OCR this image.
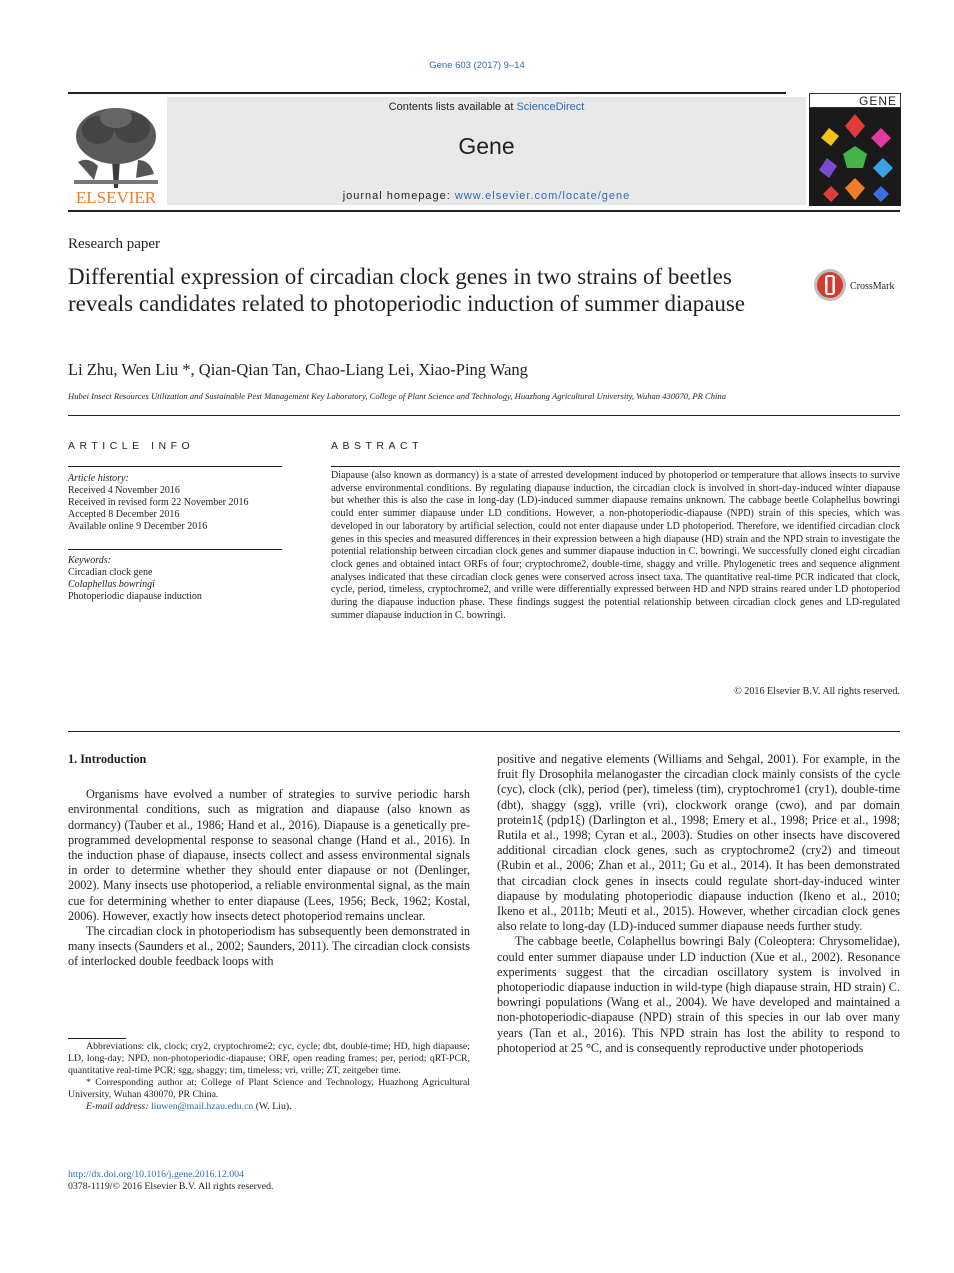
Gene 603 (2017) 9–14
ELSEVIER
Contents lists available at ScienceDirect
Gene
journal homepage: www.elsevier.com/locate/gene
GENE
Research paper
Differential expression of circadian clock genes in two strains of beetles reveals candidates related to photoperiodic induction of summer diapause
CrossMark
Li Zhu, Wen Liu *, Qian-Qian Tan, Chao-Liang Lei, Xiao-Ping Wang
Hubei Insect Resources Utilization and Sustainable Pest Management Key Laboratory, College of Plant Science and Technology, Huazhong Agricultural University, Wuhan 430070, PR China
ARTICLE INFO	ABSTRACT
Article history:
Received 4 November 2016
Received in revised form 22 November 2016
Accepted 8 December 2016
Available online 9 December 2016
Keywords:
Circadian clock gene
Colaphellus bowringi
Photoperiodic diapause induction
Diapause (also known as dormancy) is a state of arrested development induced by photoperiod or temperature that allows insects to survive adverse environmental conditions. By regulating diapause induction, the circadian clock is involved in short-day-induced winter diapause but whether this is also the case in long-day (LD)-induced summer diapause remains unknown. The cabbage beetle Colaphellus bowringi could enter summer diapause under LD conditions. However, a non-photoperiodic-diapause (NPD) strain of this species, which was developed in our laboratory by artificial selection, could not enter diapause under LD photoperiod. Therefore, we identified circadian clock genes in this species and measured differences in their expression between a high diapause (HD) strain and the NPD strain to investigate the potential relationship between circadian clock genes and summer diapause induction in C. bowringi. We successfully cloned eight circadian clock genes and obtained intact ORFs of four; cryptochrome2, double-time, shaggy and vrille. Phylogenetic trees and sequence alignment analyses indicated that these circadian clock genes were conserved across insect taxa. The quantitative real-time PCR indicated that clock, cycle, period, timeless, cryptochrome2, and vrille were differentially expressed between HD and NPD strains reared under LD photoperiod during the diapause induction phase. These findings suggest the potential relationship between circadian clock genes and LD-regulated summer diapause induction in C. bowringi.
© 2016 Elsevier B.V. All rights reserved.

1. Introduction

Organisms have evolved a number of strategies to survive periodic harsh environmental conditions, such as migration and diapause (also known as dormancy) (Tauber et al., 1986; Hand et al., 2016). Diapause is a genetically pre-programmed developmental response to seasonal change (Hand et al., 2016). In the induction phase of diapause, insects collect and assess environmental signals in order to determine whether they should enter diapause or not (Denlinger, 2002). Many insects use photoperiod, a reliable environmental signal, as the main cue for determining whether to enter diapause (Lees, 1956; Beck, 1962; Kostal, 2006). However, exactly how insects detect photoperiod remains unclear.

The circadian clock in photoperiodism has subsequently been demonstrated in many insects (Saunders et al., 2002; Saunders, 2011). The circadian clock consists of interlocked double feedback loops with

positive and negative elements (Williams and Sehgal, 2001). For example, in the fruit fly Drosophila melanogaster the circadian clock mainly consists of the cycle (cyc), clock (clk), period (per), timeless (tim), cryptochrome1 (cry1), double-time (dbt), shaggy (sgg), vrille (vri), clockwork orange (cwo), and par domain protein1ξ (pdp1ξ) (Darlington et al., 1998; Emery et al., 1998; Price et al., 1998; Rutila et al., 1998; Cyran et al., 2003). Studies on other insects have discovered additional circadian clock genes, such as cryptochrome2 (cry2) and timeout (Rubin et al., 2006; Zhan et al., 2011; Gu et al., 2014). It has been demonstrated that circadian clock genes in insects could regulate short-day-induced winter diapause by modulating photoperiodic diapause induction (Ikeno et al., 2010; Ikeno et al., 2011b; Meuti et al., 2015). However, whether circadian clock genes also relate to long-day (LD)-induced summer diapause needs further study.

The cabbage beetle, Colaphellus bowringi Baly (Coleoptera: Chrysomelidae), could enter summer diapause under LD induction (Xue et al., 2002). Resonance experiments suggest that the circadian oscillatory system is involved in photoperiodic diapause induction in wild-type (high diapause strain, HD strain) C. bowringi populations (Wang et al., 2004). We have developed and maintained a non-photoperiodic-diapause (NPD) strain of this species in our lab over many years (Tan et al., 2016). This NPD strain has lost the ability to respond to photoperiod at 25 °C, and is consequently reproductive under photoperiods

Abbreviations: clk, clock; cry2, cryptochrome2; cyc, cycle; dbt, double-time; HD, high diapause; LD, long-day; NPD, non-photoperiodic-diapause; ORF, open reading frames; per, period; qRT-PCR, quantitative real-time PCR; sgg, shaggy; tim, timeless; vri, vrille; ZT, zeitgeber time.

* Corresponding author at: College of Plant Science and Technology, Huazhong Agricultural University, Wuhan 430070, PR China.

E-mail address: liuwen@mail.hzau.edu.cn (W. Liu).

http://dx.doi.org/10.1016/j.gene.2016.12.004
0378-1119/© 2016 Elsevier B.V. All rights reserved.
